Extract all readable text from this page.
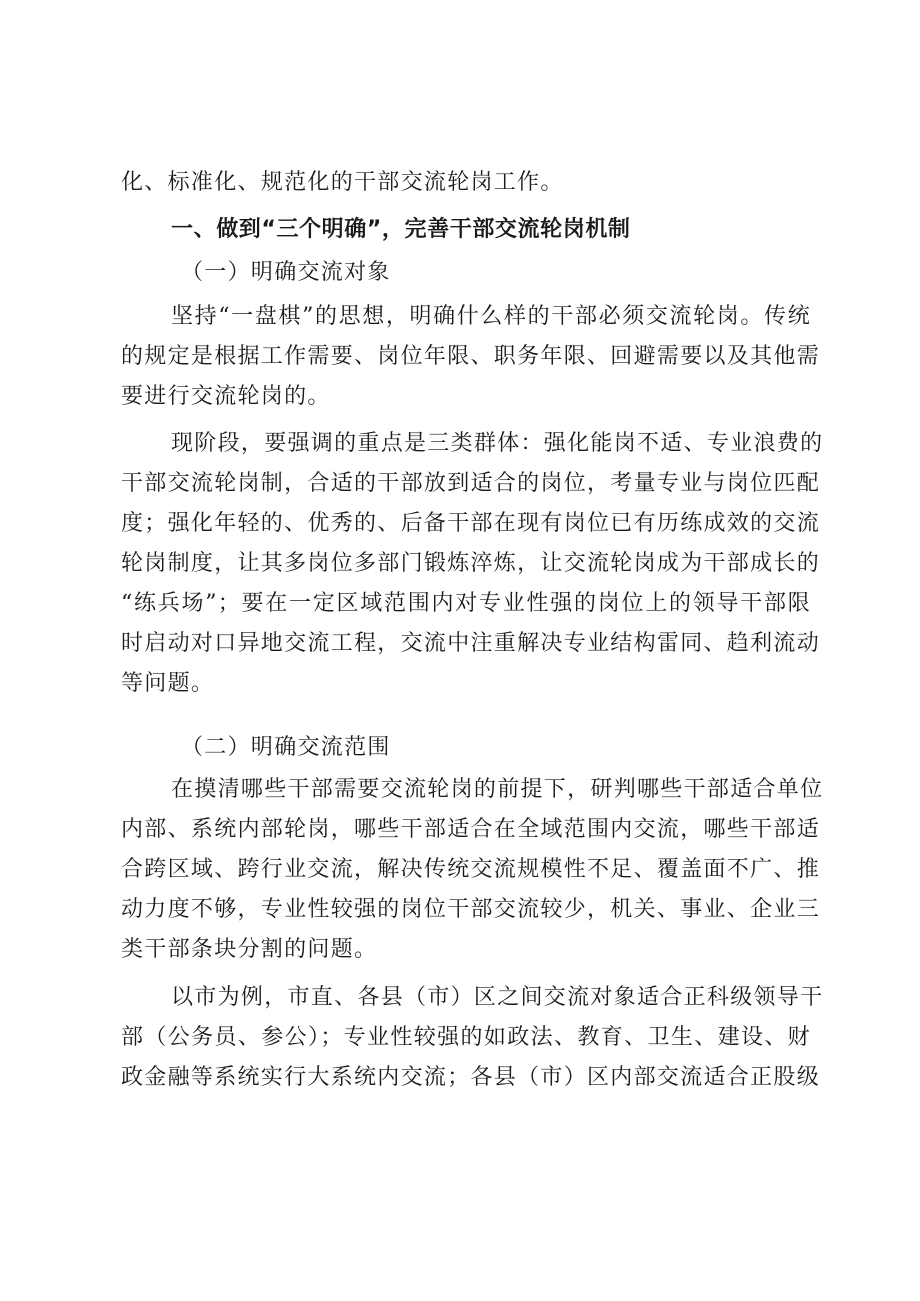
化、标准化、规范化的干部交流轮岗工作。
一、做到“三个明确”，完善干部交流轮岗机制
（一）明确交流对象
坚持“一盘棋”的思想，明确什么样的干部必须交流轮岗。传统
的规定是根据工作需要、岗位年限、职务年限、回避需要以及其他需
要进行交流轮岗的。
现阶段，要强调的重点是三类群体：强化能岗不适、专业浪费的
干部交流轮岗制，合适的干部放到适合的岗位，考量专业与岗位匹配
度；强化年轻的、优秀的、后备干部在现有岗位已有历练成效的交流
轮岗制度，让其多岗位多部门锻炼淬炼，让交流轮岗成为干部成长的
“练兵场”；要在一定区域范围内对专业性强的岗位上的领导干部限
时启动对口异地交流工程，交流中注重解决专业结构雷同、趋利流动
等问题。
（二）明确交流范围
在摸清哪些干部需要交流轮岗的前提下，研判哪些干部适合单位
内部、系统内部轮岗，哪些干部适合在全域范围内交流，哪些干部适
合跨区域、跨行业交流，解决传统交流规模性不足、覆盖面不广、推
动力度不够，专业性较强的岗位干部交流较少，机关、事业、企业三
类干部条块分割的问题。
以市为例，市直、各县（市）区之间交流对象适合正科级领导干
部（公务员、参公）；专业性较强的如政法、教育、卫生、建设、财
政金融等系统实行大系统内交流；各县（市）区内部交流适合正股级
